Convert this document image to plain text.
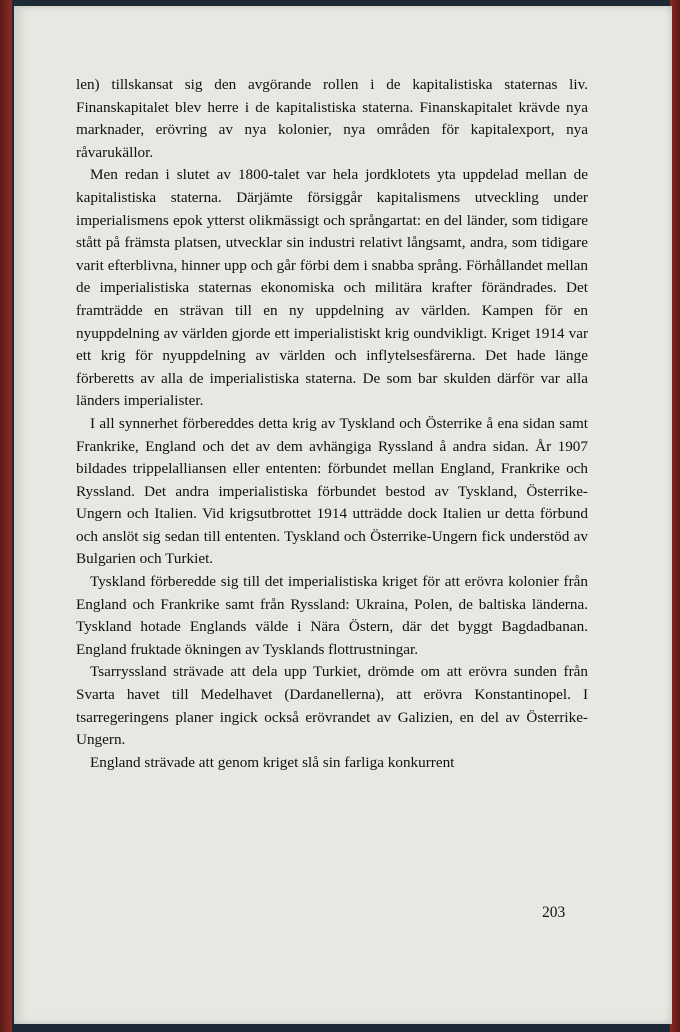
len) tillskansat sig den avgörande rollen i de kapitalistiska staternas liv. Finanskapitalet blev herre i de kapitalistiska staterna. Finanskapitalet krävde nya marknader, erövring av nya kolonier, nya områden för kapitalexport, nya råvarukällor.

Men redan i slutet av 1800-talet var hela jordklotets yta uppdelad mellan de kapitalistiska staterna. Därjämte försiggår kapitalismens utveckling under imperialismens epok ytterst olikmässigt och språngartat: en del länder, som tidigare stått på främsta platsen, utvecklar sin industri relativt långsamt, andra, som tidigare varit efterblivna, hinner upp och går förbi dem i snabba språng. Förhållandet mellan de imperialistiska staternas ekonomiska och militära krafter förändrades. Det framträdde en strävan till en ny uppdelning av världen. Kampen för en nyuppdelning av världen gjorde ett imperialistiskt krig oundvikligt. Kriget 1914 var ett krig för nyuppdelning av världen och inflytelsesfärerna. Det hade länge förberetts av alla de imperialistiska staterna. De som bar skulden därför var alla länders imperialister.

I all synnerhet förbereddes detta krig av Tyskland och Österrike å ena sidan samt Frankrike, England och det av dem avhängiga Ryssland å andra sidan. År 1907 bildades trippelalliansen eller ententen: förbundet mellan England, Frankrike och Ryssland. Det andra imperialistiska förbundet bestod av Tyskland, Österrike-Ungern och Italien. Vid krigsutbrottet 1914 utträdde dock Italien ur detta förbund och anslöt sig sedan till ententen. Tyskland och Österrike-Ungern fick understöd av Bulgarien och Turkiet.

Tyskland förberedde sig till det imperialistiska kriget för att erövra kolonier från England och Frankrike samt från Ryssland: Ukraina, Polen, de baltiska länderna. Tyskland hotade Englands välde i Nära Östern, där det byggt Bagdadbanan. England fruktade ökningen av Tysklands flottrustningar.

Tsarryssland strävade att dela upp Turkiet, drömde om att erövra sunden från Svarta havet till Medelhavet (Dardanellerna), att erövra Konstantinopel. I tsarregeringens planer ingick också erövrandet av Galizien, en del av Österrike-Ungern.

England strävade att genom kriget slå sin farliga konkurrent

203
